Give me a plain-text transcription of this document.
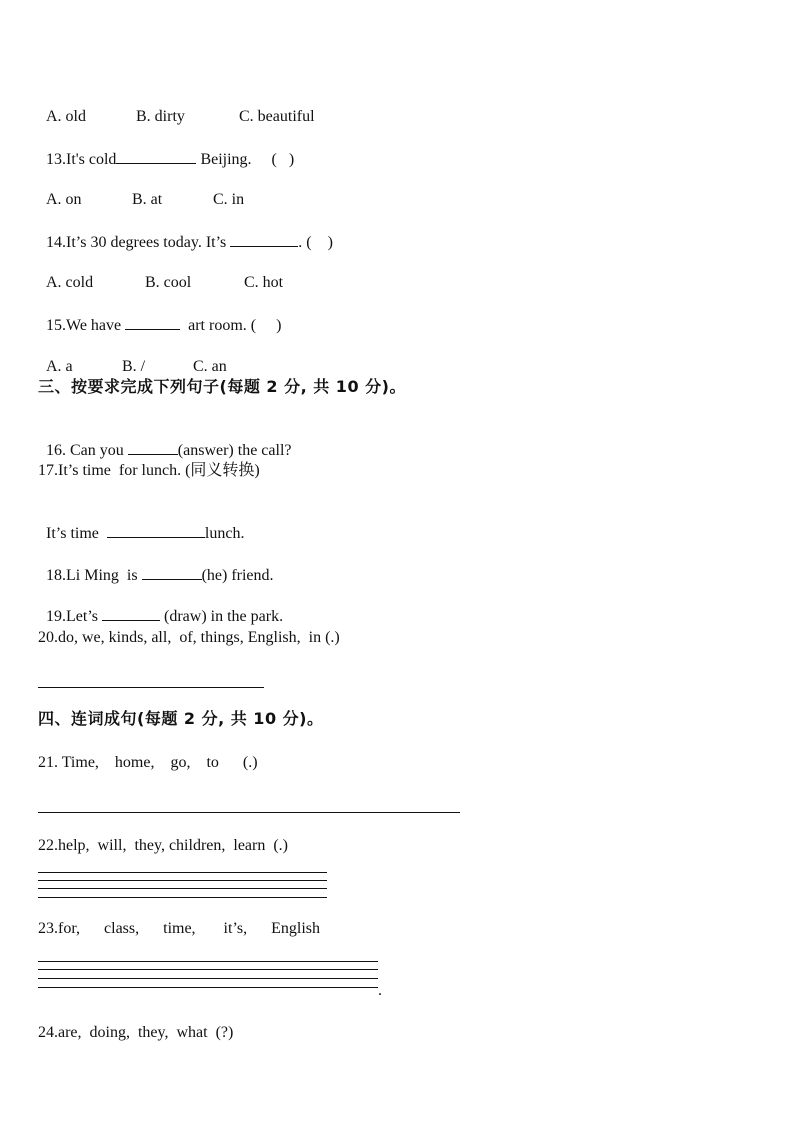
A. old	B. dirty	C. beautiful

13.It's cold	Beijing. (   )

A. on	B. at	C. in

14.It’s 30 degrees today. It’s	. (    )

A. cold	B. cool	C. hot

15.We have	art room. (     )

A. a	B. /	C. an

三、按要求完成下列句子(每题 2 分, 共 10 分)。

16. Can you	(answer) the call?

17.It’s time  for lunch. (同义转换)

It’s time	lunch.

18.Li Ming  is	(he) friend.

19.Let’s	(draw) in the park.

20.do, we, kinds, all,  of, things, English,  in (.)
四、连词成句(每题 2 分, 共 10 分)。
21. Time,    home,    go,    to      (.)
22.help,  will,  they, children,  learn  (.)
23.for,      class,      time,       it’s,      English
.
24.are,  doing,  they,  what  (?)
